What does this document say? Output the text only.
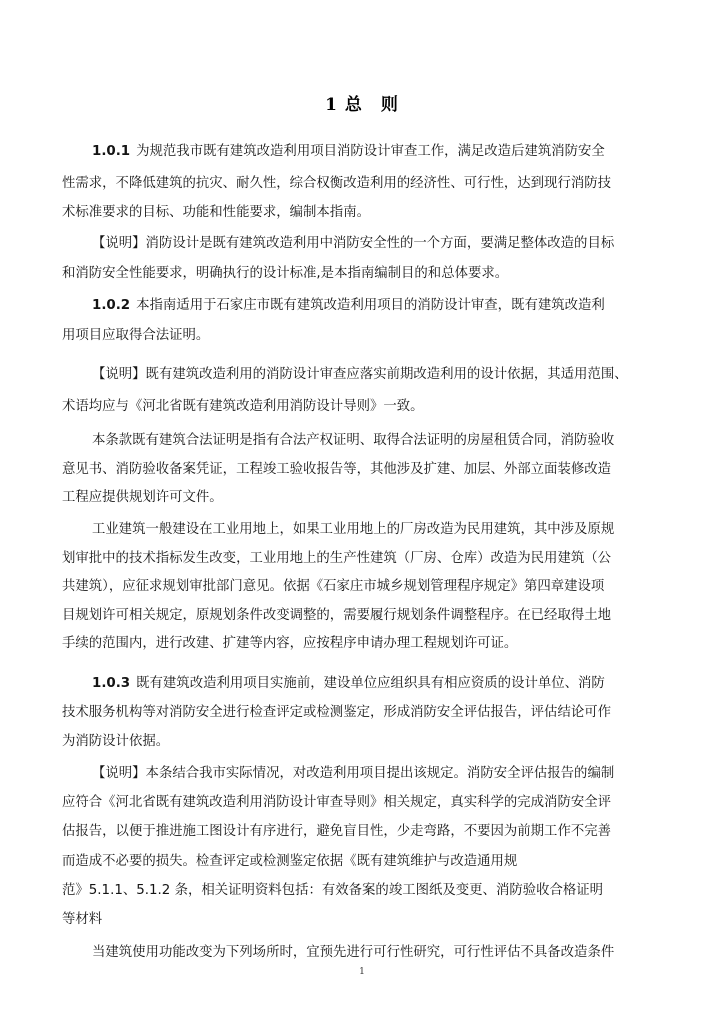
1 总　则
1.0.1 为规范我市既有建筑改造利用项目消防设计审查工作，满足改造后建筑消防安全
性需求，不降低建筑的抗灾、耐久性，综合权衡改造利用的经济性、可行性，达到现行消防技
术标准要求的目标、功能和性能要求，编制本指南。
【说明】消防设计是既有建筑改造利用中消防安全性的一个方面，要满足整体改造的目标
和消防安全性能要求，明确执行的设计标准,是本指南编制目的和总体要求。
1.0.2 本指南适用于石家庄市既有建筑改造利用项目的消防设计审查，既有建筑改造利
用项目应取得合法证明。
【说明】既有建筑改造利用的消防设计审查应落实前期改造利用的设计依据，其适用范围、
术语均应与《河北省既有建筑改造利用消防设计导则》一致。
本条款既有建筑合法证明是指有合法产权证明、取得合法证明的房屋租赁合同，消防验收
意见书、消防验收备案凭证，工程竣工验收报告等，其他涉及扩建、加层、外部立面装修改造
工程应提供规划许可文件。
工业建筑一般建设在工业用地上，如果工业用地上的厂房改造为民用建筑，其中涉及原规
划审批中的技术指标发生改变，工业用地上的生产性建筑（厂房、仓库）改造为民用建筑（公
共建筑），应征求规划审批部门意见。依据《石家庄市城乡规划管理程序规定》第四章建设项
目规划许可相关规定，原规划条件改变调整的，需要履行规划条件调整程序。在已经取得土地
手续的范围内，进行改建、扩建等内容，应按程序申请办理工程规划许可证。
1.0.3 既有建筑改造利用项目实施前，建设单位应组织具有相应资质的设计单位、消防
技术服务机构等对消防安全进行检查评定或检测鉴定，形成消防安全评估报告，评估结论可作
为消防设计依据。
【说明】本条结合我市实际情况，对改造利用项目提出该规定。消防安全评估报告的编制
应符合《河北省既有建筑改造利用消防设计审查导则》相关规定，真实科学的完成消防安全评
估报告，以便于推进施工图设计有序进行，避免盲目性，少走弯路，不要因为前期工作不完善
而造成不必要的损失。检查评定或检测鉴定依据《既有建筑维护与改造通用规
范》5.1.1、5.1.2 条，相关证明资料包括：有效备案的竣工图纸及变更、消防验收合格证明
等材料
当建筑使用功能改变为下列场所时，宜预先进行可行性研究，可行性评估不具备改造条件
1
